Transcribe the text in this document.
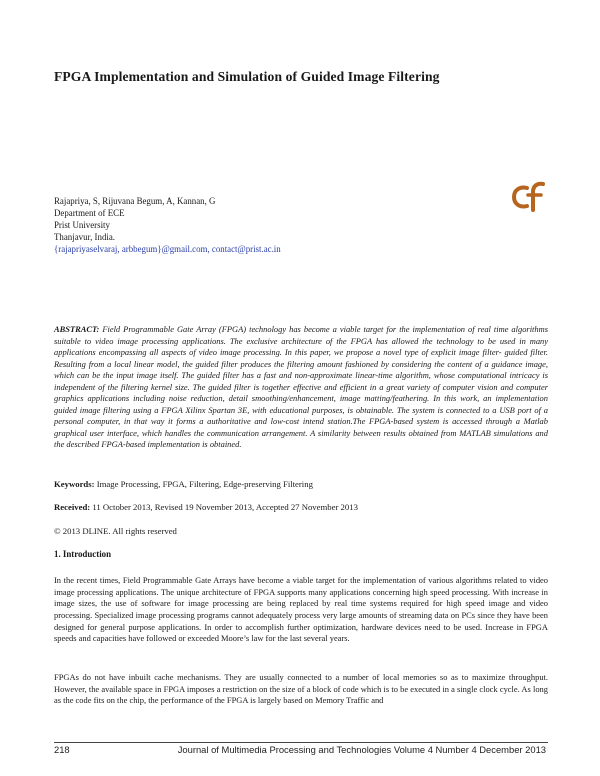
FPGA Implementation and Simulation of Guided Image Filtering
Rajapriya, S, Rijuvana Begum, A, Kannan, G
Department of ECE
Prist University
Thanjavur, India.
{rajapriyaselvaraj, arbbegum}@gmail.com, contact@prist.ac.in
ABSTRACT: Field Programmable Gate Array (FPGA) technology has become a viable target for the implementation of real time algorithms suitable to video image processing applications. The exclusive architecture of the FPGA has allowed the technology to be used in many applications encompassing all aspects of video image processing. In this paper, we propose a novel type of explicit image filter- guided filter. Resulting from a local linear model, the guided filter produces the filtering amount fashioned by considering the content of a guidance image, which can be the input image itself. The guided filter has a fast and non-approximate linear-time algorithm, whose computational intricacy is independent of the filtering kernel size. The guided filter is together effective and efficient in a great variety of computer vision and computer graphics applications including noise reduction, detail smoothing/enhancement, image matting/feathering. In this work, an implementation guided image filtering using a FPGA Xilinx Spartan 3E, with educational purposes, is obtainable. The system is connected to a USB port of a personal computer, in that way it forms a authoritative and low-cost intend station.The FPGA-based system is accessed through a Matlab graphical user interface, which handles the communication arrangement. A similarity between results obtained from MATLAB simulations and the described FPGA-based implementation is obtained.
Keywords: Image Processing, FPGA, Filtering, Edge-preserving Filtering
Received: 11 October 2013, Revised 19 November 2013, Accepted 27 November 2013
© 2013 DLINE. All rights reserved
1. Introduction
In the recent times, Field Programmable Gate Arrays have become a viable target for the implementation of various algorithms related to video image processing applications. The unique architecture of FPGA supports many applications concerning high speed processing. With increase in image sizes, the use of software for image processing are being replaced by real time systems required for high speed image and video processing. Specialized image processing programs cannot adequately process very large amounts of streaming data on PCs since they have been designed for general purpose applications. In order to accomplish further optimization, hardware devices need to be used. Increase in FPGA speeds and capacities have followed or exceeded Moore’s law for the last several years.
FPGAs do not have inbuilt cache mechanisms. They are usually connected to a number of local memories so as to maximize throughput. However, the available space in FPGA imposes a restriction on the size of a block of code which is to be executed in a single clock cycle. As long as the code fits on the chip, the performance of the FPGA is largely based on Memory Traffic and
218	Journal of Multimedia Processing and Technologies Volume 4 Number 4 December 2013
